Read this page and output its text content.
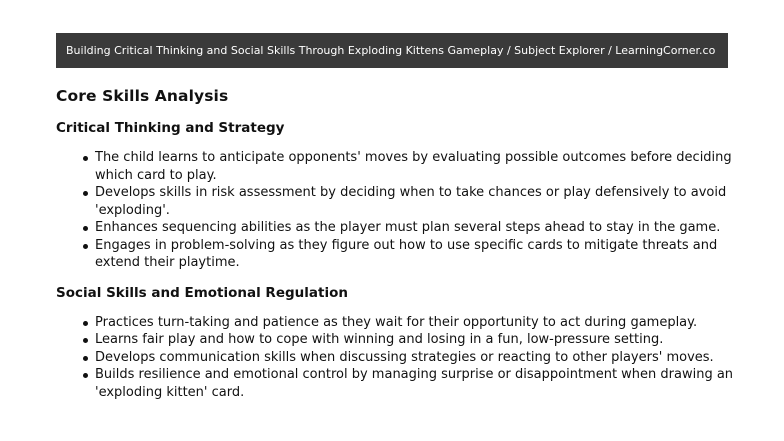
Building Critical Thinking and Social Skills Through Exploding Kittens Gameplay / Subject Explorer / LearningCorner.co
Core Skills Analysis
Critical Thinking and Strategy
The child learns to anticipate opponents' moves by evaluating possible outcomes before deciding which card to play.
Develops skills in risk assessment by deciding when to take chances or play defensively to avoid 'exploding'.
Enhances sequencing abilities as the player must plan several steps ahead to stay in the game.
Engages in problem-solving as they figure out how to use specific cards to mitigate threats and extend their playtime.
Social Skills and Emotional Regulation
Practices turn-taking and patience as they wait for their opportunity to act during gameplay.
Learns fair play and how to cope with winning and losing in a fun, low-pressure setting.
Develops communication skills when discussing strategies or reacting to other players' moves.
Builds resilience and emotional control by managing surprise or disappointment when drawing an 'exploding kitten' card.
